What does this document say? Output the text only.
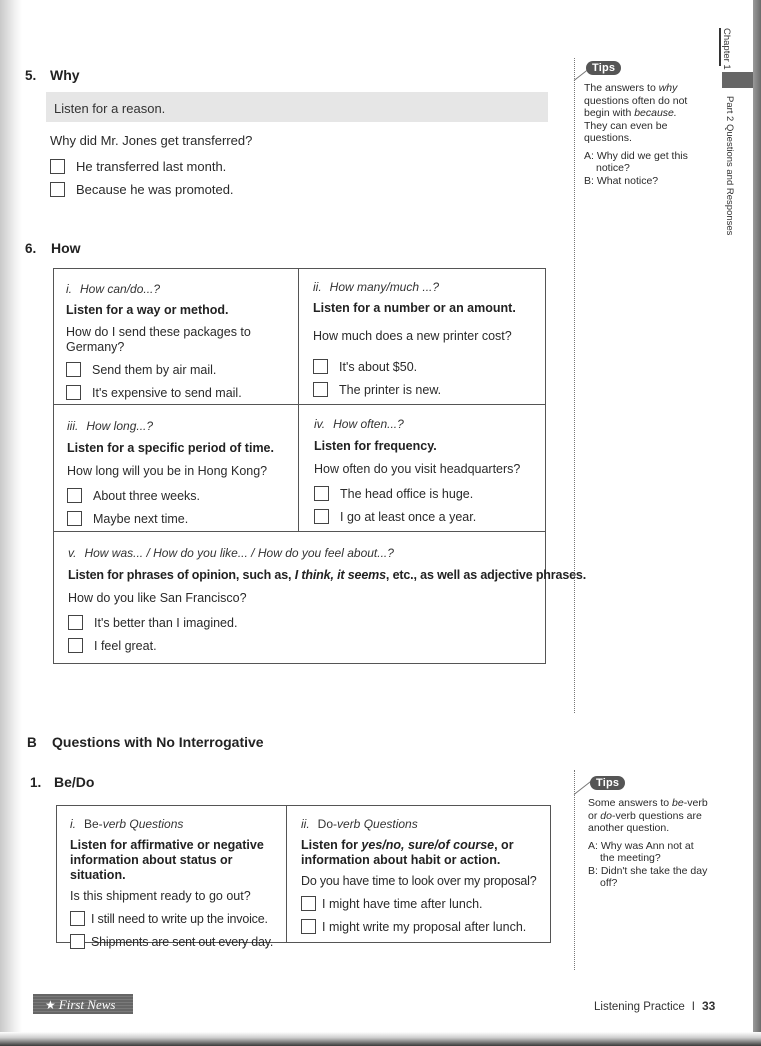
5. Why
Listen for a reason.
Why did Mr. Jones get transferred?
He transferred last month.
Because he was promoted.
6. How
i. How can/do...?
Listen for a way or method.
How do I send these packages to Germany?
Send them by air mail.
It's expensive to send mail.
ii. How many/much ...?
Listen for a number or an amount.
How much does a new printer cost?
It's about $50.
The printer is new.
iii. How long...?
Listen for a specific period of time.
How long will you be in Hong Kong?
About three weeks.
Maybe next time.
iv. How often...?
Listen for frequency.
How often do you visit headquarters?
The head office is huge.
I go at least once a year.
v. How was... / How do you like... / How do you feel about...?
Listen for phrases of opinion, such as, I think, it seems, etc., as well as adjective phrases.
How do you like San Francisco?
It's better than I imagined.
I feel great.
B Questions with No Interrogative
1. Be/Do
i. Be-verb Questions
Listen for affirmative or negative
information about status or situation.
Is this shipment ready to go out?
I still need to write up the invoice.
Shipments are sent out every day.
ii. Do-verb Questions
Listen for yes/no, sure/of course, or
information about habit or action.
Do you have time to look over my proposal?
I might have time after lunch.
I might write my proposal after lunch.
Tips

The answers to why questions often do not begin with because. They can even be questions.

A: Why did we get this notice?
B: What notice?
Tips

Some answers to be-verb or do-verb questions are another question.

A: Why was Ann not at the meeting?
B: Didn't she take the day off?
Chapter 1
Part 2 Questions and Responses
★ First News	Listening Practice I 33
